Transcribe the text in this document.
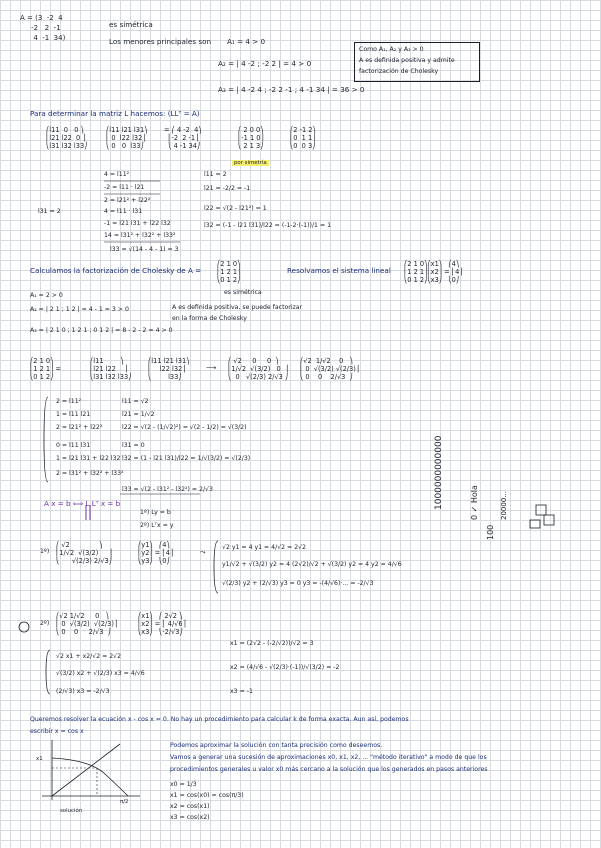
A = (3  -2  4
-2   2  -1
4  -1  34)
es simétrica
Los menores principales son A₁ = 4 > 0
A₂ = | 4 -2 ; -2 2 | = 4 > 0
A₃ = | 4 -2 4 ; -2 2 -1 ; 4 -1 34 | = 36 > 0
Como A₁, A₂ y A₃ > 0
A es definida positiva y admite
factorización de Cholesky
Para determinar la matriz L hacemos: (LLᵀ = A)
⎛l11  0   0 ⎞
⎜l21 l22  0 ⎟
⎝l31 l32 l33⎠
⎛l11 l21 l31⎞
⎜ 0  l22 l32⎟
⎝ 0   0  l33⎠
= ⎛ 4 -2  4⎞
⎜-2  2 -1⎟
⎝ 4 -1 34⎠
⎛ 2 0 0⎞
⎜-1 1 0⎟
⎝ 2 1 3⎠
⎛2 -1 2⎞
⎜0  1 1⎟
⎝0  0 3⎠
por simetría
4 = l11²
-2 = l11 · l21
2 = l21² + l22²
4 = l11 · l31
-1 = l21 l31 + l22 l32
14 = l31² + l32² + l33²
l33 = √(14 - 4 - 1) = 3
l11 = 2
l21 = -2/2 = -1
l22 = √(2 - l21²) = 1
l32 = (-1 - l21 l31)/l22 = (-1-2·(-1))/1 = 1
l31 = 2
Calculamos la factorización de Cholesky de A =
⎛2 1 0⎞
⎜1 2 1⎟
⎝0 1 2⎠
Resolvamos el sistema lineal
⎛2 1 0⎞⎛x1⎞   ⎛4⎞
⎜1 2 1⎟⎜x2⎟ = ⎜4⎟
⎝0 1 2⎠⎝x3⎠   ⎝0⎠
es simétrica
A₁ = 2 > 0
A₂ = | 2 1 ; 1 2 | = 4 - 1 = 3 > 0
A₃ = | 2 1 0 ; 1 2 1 ; 0 1 2 | = 8 - 2 - 2 = 4 > 0
A es definida positiva, se puede factorizar
en la forma de Cholesky
⎛2 1 0⎞
⎜1 2 1⎟ =
⎝0 1 2⎠
⎛l11        ⎞
⎜l21 l22    ⎟
⎝l31 l32 l33⎠
⎛l11 l21 l31⎞
⎜    l22 l32⎟
⎝        l33⎠
⟶
⎛ √2     0     0  ⎞
⎜1/√2  √(3/2)   0  ⎟
⎝  0   √(2/3) 2/√3 ⎠
⎛√2  1/√2    0   ⎞
⎜ 0  √(3/2) √(2/3)⎟
⎝ 0    0    2/√3  ⎠
2 = l11²
1 = l11 l21
2 = l21² + l22²
0 = l11 l31
1 = l21 l31 + l22 l32
2 = l31² + l32² + l33²
l11 = √2
l21 = 1/√2
l22 = √(2 - (1/√2)²) = √(2 - 1/2) = √(3/2)
l31 = 0
l32 = (1 - l21 l31)/l22 = 1/√(3/2) = √(2/3)
l33 = √(2 - l31² - l32²) = 2/√3
A x = b ⟺ L Lᵀ x = b
1º) Ly = b
2º) Lᵀx = y
1º)
⎛ √2              ⎞
⎜1/√2  √(3/2)     ⎟
⎝      √(2/3) 2/√3⎠
⎛y1⎞   ⎛4⎞
⎜y2⎟ = ⎜4⎟
⎝y3⎠   ⎝0⎠
⤳	√2 y1 = 4 y1 = 4/√2 = 2√2
y1/√2 + √(3/2) y2 = 4 (2√2)/√2 + √(3/2) y2 = 4 y2 = 4/√6
√(2/3) y2 + (2/√3) y3 = 0 y3 = -(4/√6)·... = -2/√3
2º)
⎛√2 1/√2     0   ⎞
⎜ 0  √(3/2)  √(2/3)⎟
⎝ 0    0     2/√3  ⎠
⎛x1⎞   ⎛ 2√2 ⎞
⎜x2⎟ = ⎜ 4/√6⎟
⎝x3⎠   ⎝-2/√3⎠
√2 x1 + x2/√2 = 2√2
√(3/2) x2 + √(2/3) x3 = 4/√6
(2/√3) x3 = -2/√3
x1 = (2√2 - (-2/√2))/√2 = 3
x2 = (4/√6 - √(2/3)·(-1))/√(3/2) = -2
x3 = -1
Queremos resolver la ecuación x - cos x = 0. No hay un procedimiento para calcular k de forma exacta. Aun así, podemos
escribir x = cos x
Podemos aproximar la solución con tanta precisión como deseemos.
Vamos a generar una sucesión de aproximaciones x0, x1, x2, ... "método iterativo" a modo de que los
procedimientos generales u valor x0 más cercano a la solución que los generados en pasos anteriores
x0 = 1/3
x1 = cos(x0) = cos(π/3)
x2 = cos(x1)
x3 = cos(x2)
x1
π/2
solución
1000000000000	0 ✓ Hola	20000...
100
